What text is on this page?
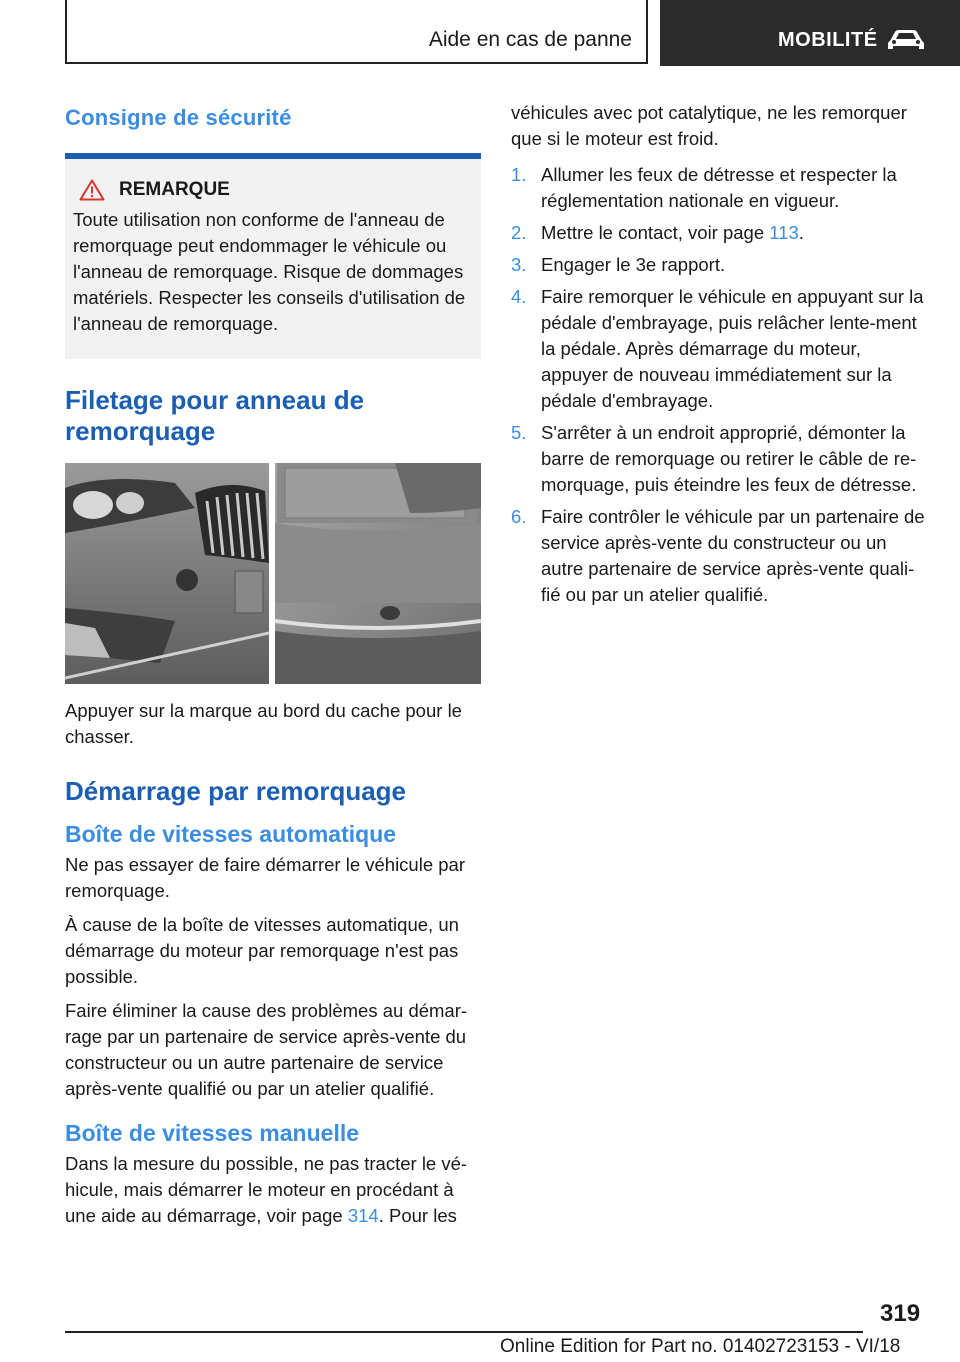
Aide en cas de panne	MOBILITÉ
Consigne de sécurité
REMARQUE

Toute utilisation non conforme de l'anneau de remorquage peut endommager le véhicule ou l'anneau de remorquage. Risque de dommages matériels. Respecter les conseils d'utilisation de l'anneau de remorquage.

Filetage pour anneau de remorquage

Appuyer sur la marque au bord du cache pour le chasser.

Démarrage par remorquage
Boîte de vitesses automatique

Ne pas essayer de faire démarrer le véhicule par remorquage.

À cause de la boîte de vitesses automatique, un démarrage du moteur par remorquage n'est pas possible.

Faire éliminer la cause des problèmes au démar-rage par un partenaire de service après-vente du constructeur ou un autre partenaire de service après-vente qualifié ou par un atelier qualifié.

Boîte de vitesses manuelle

Dans la mesure du possible, ne pas tracter le vé-hicule, mais démarrer le moteur en procédant à une aide au démarrage, voir page 314. Pour les

véhicules avec pot catalytique, ne les remorquer que si le moteur est froid.

1. Allumer les feux de détresse et respecter la réglementation nationale en vigueur.
2. Mettre le contact, voir page 113.
3. Engager le 3e rapport.
4. Faire remorquer le véhicule en appuyant sur la pédale d'embrayage, puis relâcher lente-ment la pédale. Après démarrage du moteur, appuyer de nouveau immédiatement sur la pédale d'embrayage.
5. S'arrêter à un endroit approprié, démonter la barre de remorquage ou retirer le câble de re-morquage, puis éteindre les feux de détresse.
6. Faire contrôler le véhicule par un partenaire de service après-vente du constructeur ou un autre partenaire de service après-vente quali-fié ou par un atelier qualifié.
319
Online Edition for Part no. 01402723153 - VI/18
